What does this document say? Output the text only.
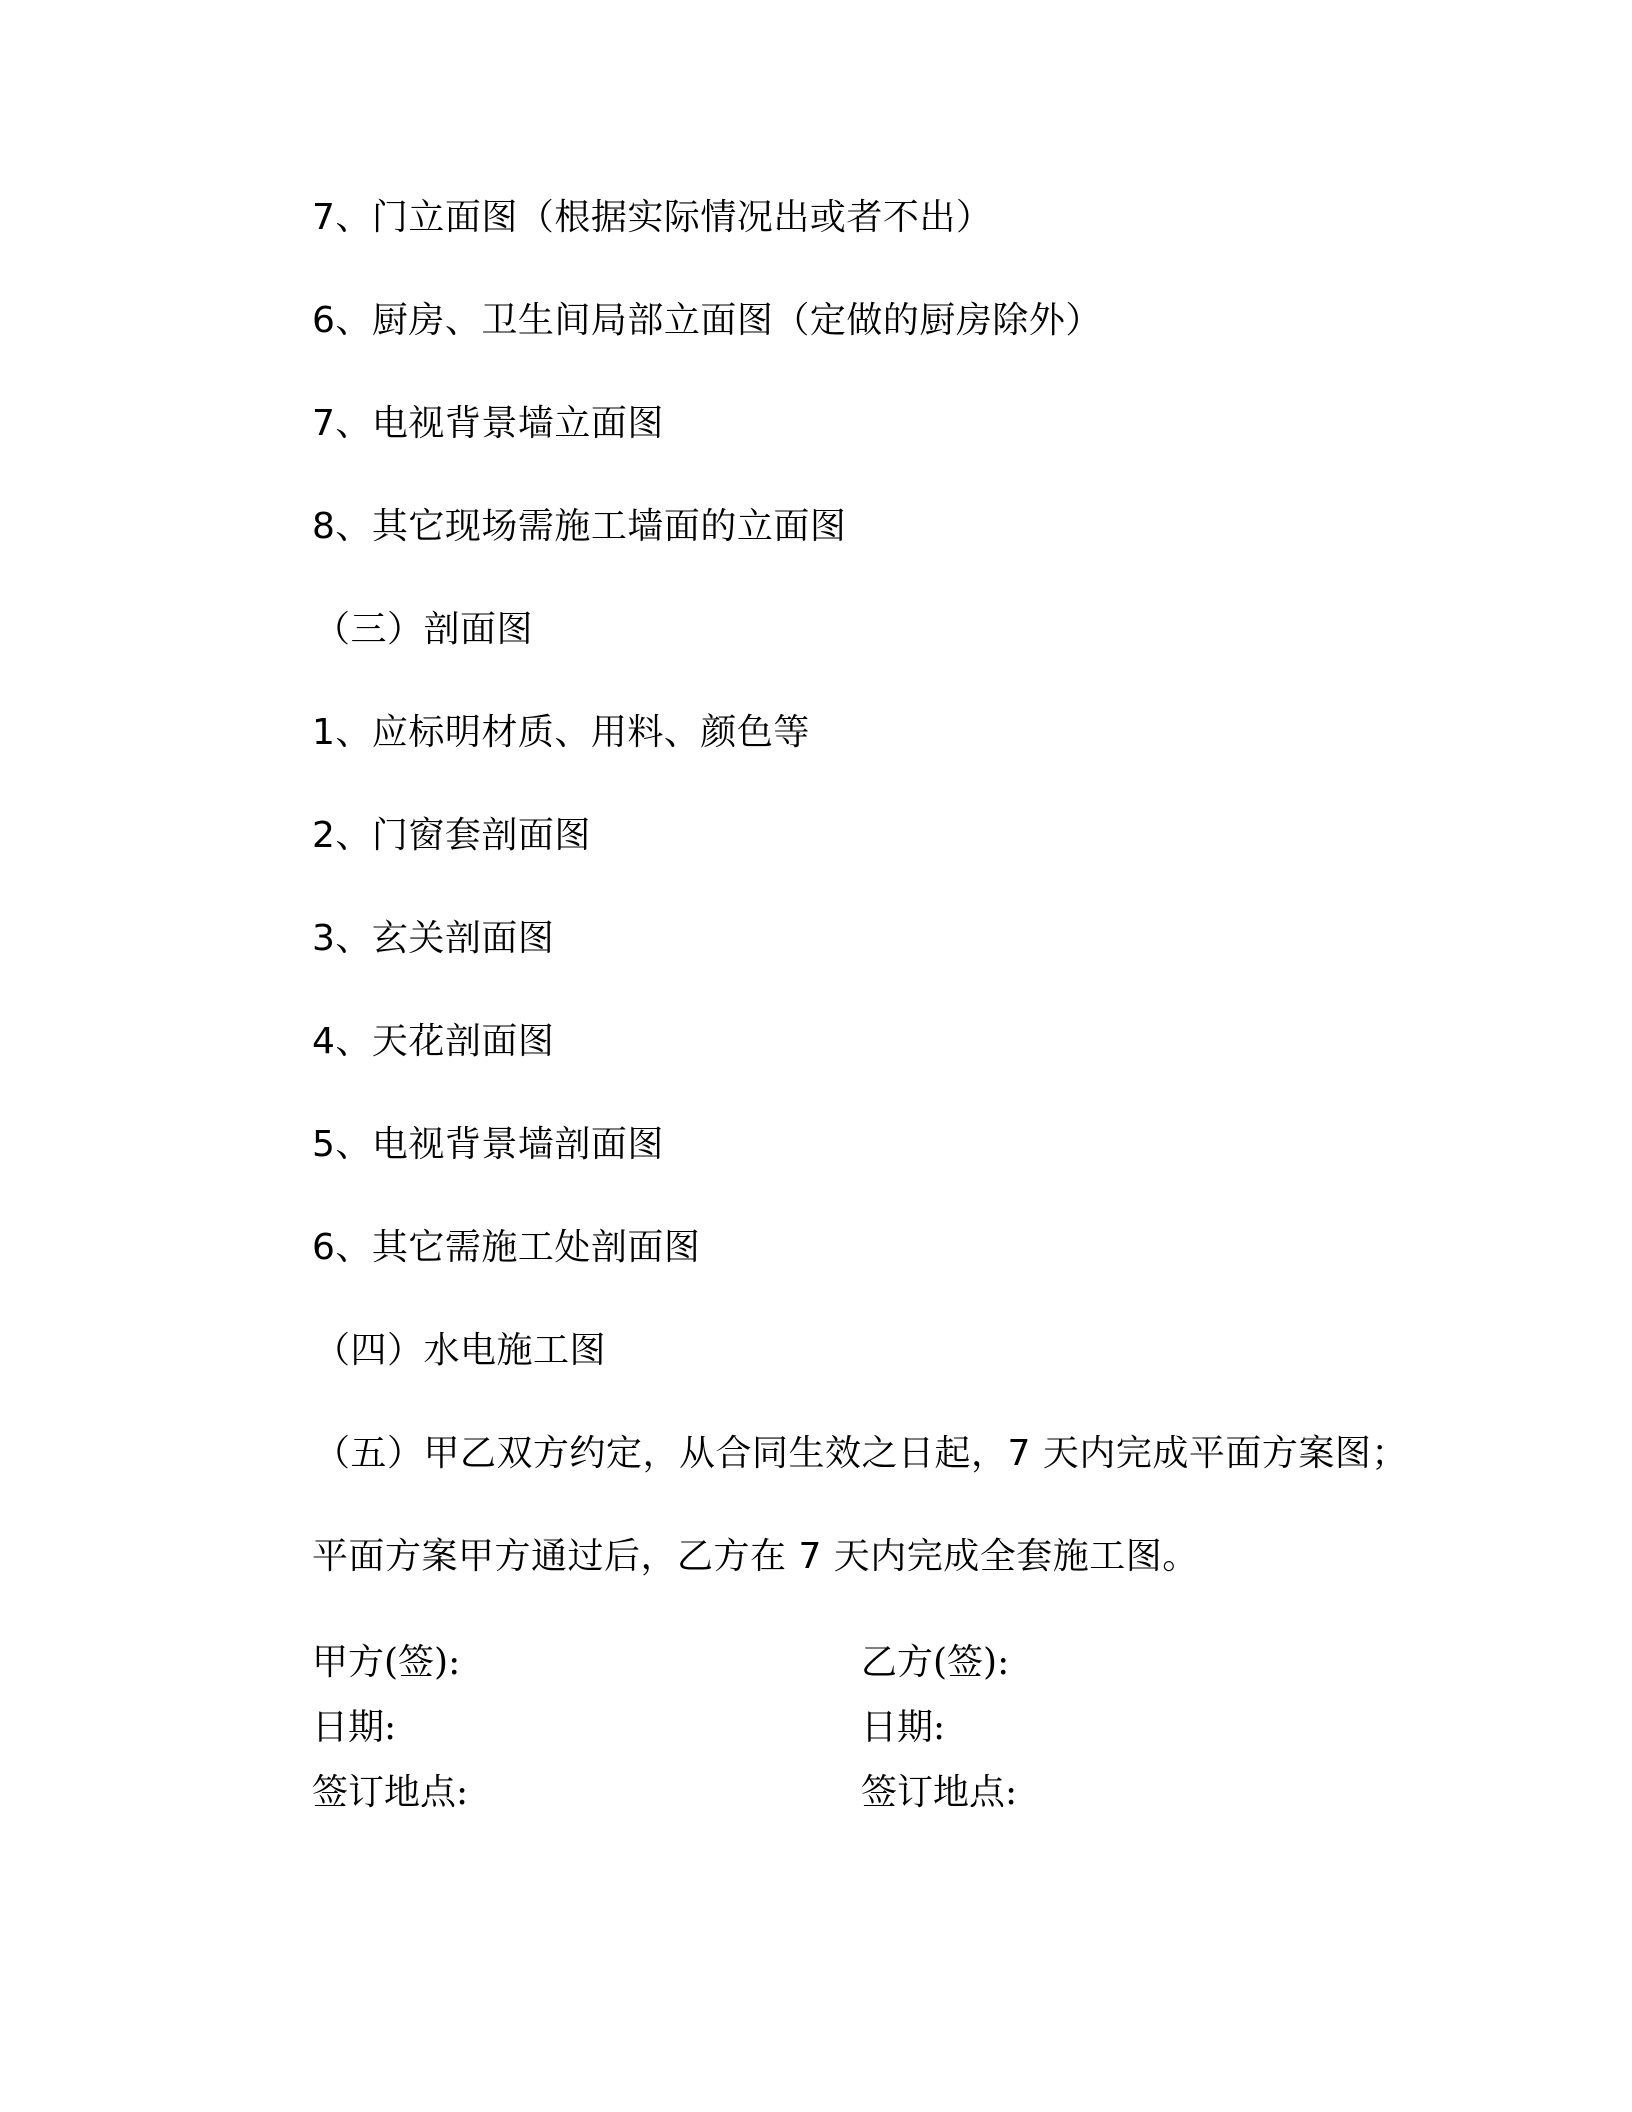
7、门立面图（根据实际情况出或者不出）
6、厨房、卫生间局部立面图（定做的厨房除外）
7、电视背景墙立面图
8、其它现场需施工墙面的立面图
（三）剖面图
1、应标明材质、用料、颜色等
2、门窗套剖面图
3、玄关剖面图
4、天花剖面图
5、电视背景墙剖面图
6、其它需施工处剖面图
（四）水电施工图
（五）甲乙双方约定，从合同生效之日起，7 天内完成平面方案图；
平面方案甲方通过后，乙方在 7 天内完成全套施工图。
甲方(签):	乙方(签):
日期:	日期:
签订地点:	签订地点:
